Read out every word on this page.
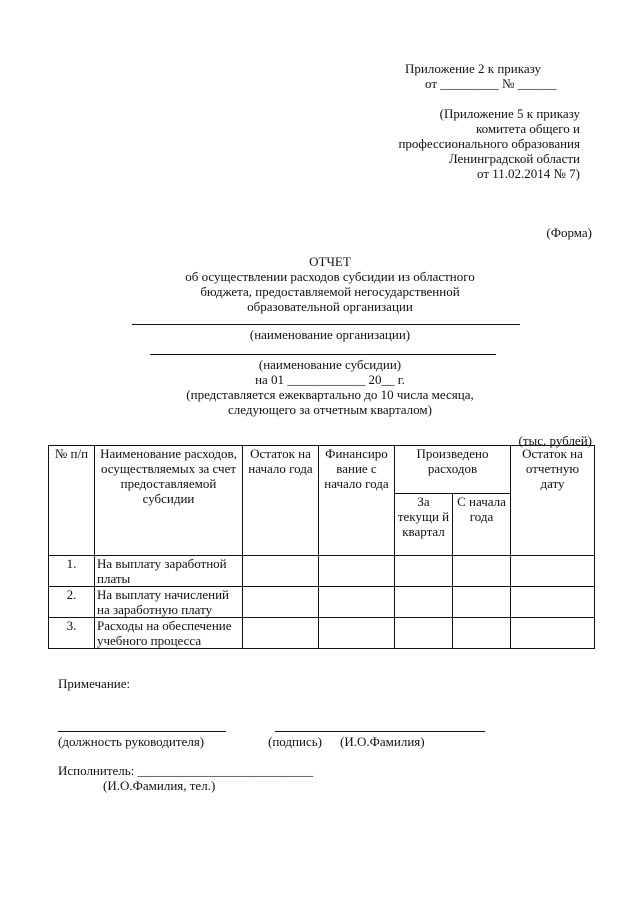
Приложение 2 к приказу
от _________ № ______
(Приложение 5 к приказу
комитета общего и
профессионального образования
Ленинградской области
от 11.02.2014 № 7)
(Форма)
ОТЧЕТ
об осуществлении расходов субсидии из областного
бюджета, предоставляемой негосударственной
образовательной организации
(наименование организации)
(наименование субсидии)
на 01 ____________ 20__ г.
(представляется ежеквартально до 10 числа месяца,
следующего за отчетным кварталом)
(тыс. рублей)
№ п/п	Наименование расходов, осуществляемых за счет предоставляемой субсидии	Остаток на начало года	Финансиро вание с начало года	Произведено расходов		Остаток на отчетную дату
				За текущи й квартал	С начала года	
1.	На выплату заработной платы					
2.	На выплату начислений на заработную плату					
3.	Расходы на обеспечение учебного процесса					
Примечание:
(должность руководителя)	(подпись) (И.О.Фамилия)
Исполнитель: ___________________________
(И.О.Фамилия, тел.)
